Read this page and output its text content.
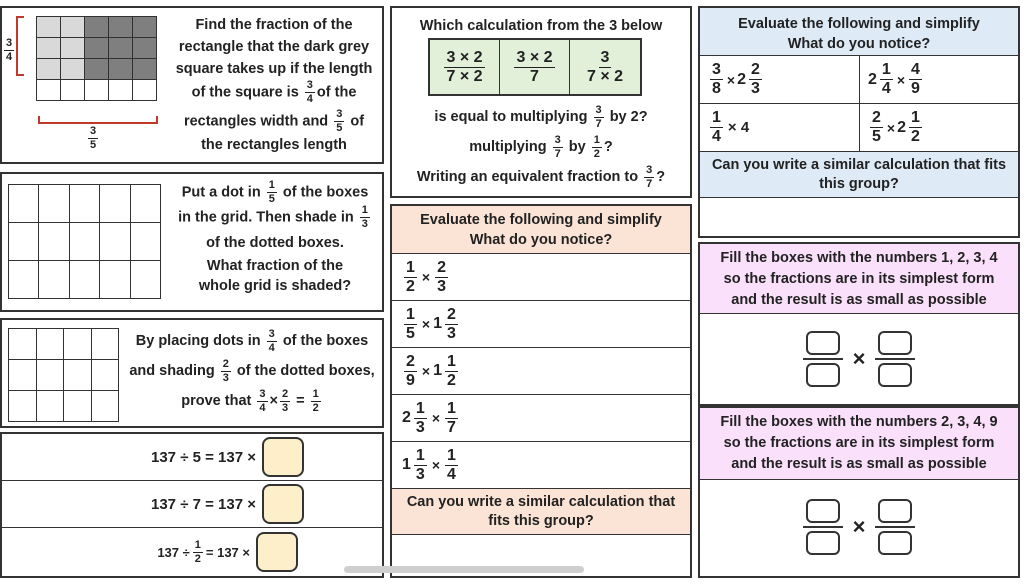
$\frac{3}{4}$
$\frac{3}{5}$
Find the fraction of the
rectangle that the dark grey
square takes up if the length
of the square is $\frac{3}{4}$ of the
rectangles width and $\frac{3}{5}$ of
the rectangles length
Which calculation from the 3 below
$\frac{3 \times 2}{7 \times 2} \frac{3 \times 2}{7} \frac{3}{7 \times 2}$
is equal to multiplying $\frac{3}{7}$ by 2?
multiplying $\frac{3}{7}$ by $\frac{1}{2}$ ?
Writing an equivalent fraction to $\frac{3}{7}$ ?
Evaluate the following and simplify
What do you notice?
$\frac{3}{8} \times 2 \frac{2}{3}$	$2 \frac{1}{4} \times \frac{4}{9}$
$\frac{1}{4} \times 4$	$\frac{2}{5} \times 2 \frac{1}{2}$
Can you write a similar calculation that fits this group?
Put a dot in $\frac{1}{5}$ of the boxes
in the grid. Then shade in $\frac{1}{3}$
of the dotted boxes.
What fraction of the
whole grid is shaded?
Evaluate the following and simplify
What do you notice?
$\frac{1}{2} \times \frac{2}{3}$
$\frac{1}{5} \times 1 \frac{2}{3}$
$\frac{2}{9} \times 1 \frac{1}{2}$
$2 \frac{1}{3} \times \frac{1}{7}$
$1 \frac{1}{3} \times \frac{1}{4}$
Can you write a similar calculation that fits this group?
By placing dots in $\frac{3}{4}$ of the boxes
and shading $\frac{2}{3}$ of the dotted boxes,
prove that $\frac{3}{4} \times \frac{2}{3} = \frac{1}{2}$
Fill the boxes with the numbers 1, 2, 3, 4 so the fractions are in its simplest form and the result is as small as possible
×
Fill the boxes with the numbers 2, 3, 4, 9 so the fractions are in its simplest form and the result is as small as possible
×
137 ÷ 5 = 137 ×
137 ÷ 7 = 137 ×
$137 \div \frac{1}{2} = 137$ ×
